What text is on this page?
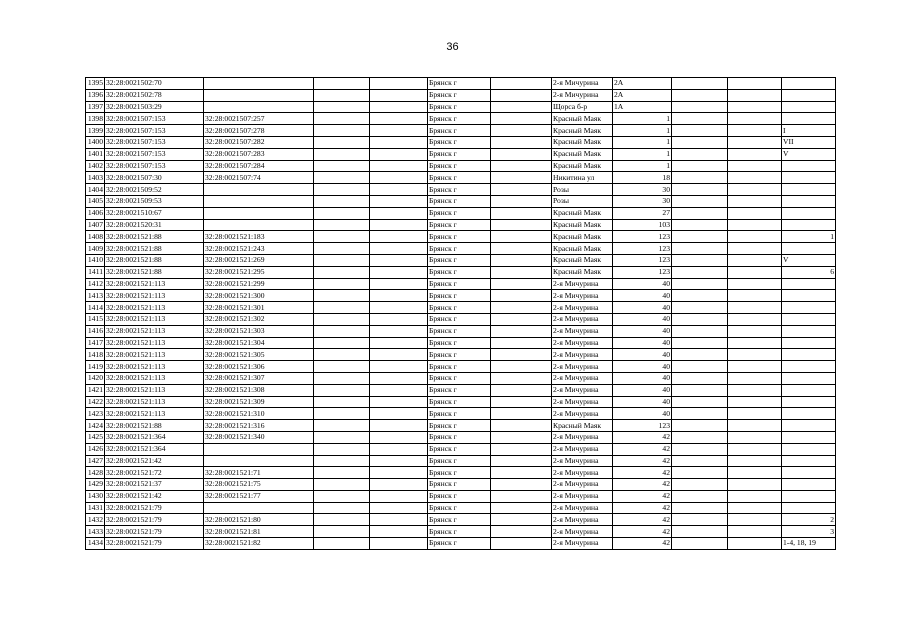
36
1395	32:28:0021502:70				Брянск г		2-я Мичурина	2А			
1396	32:28:0021502:78				Брянск г		2-я Мичурина	2А			
1397	32:28:0021503:29				Брянск г		Щорса б-р	1А			
1398	32:28:0021507:153	32:28:0021507:257			Брянск г		Красный Маяк	1			
1399	32:28:0021507:153	32:28:0021507:278			Брянск г		Красный Маяк	1			I
1400	32:28:0021507:153	32:28:0021507:282			Брянск г		Красный Маяк	1			VII
1401	32:28:0021507:153	32:28:0021507:283			Брянск г		Красный Маяк	1			V
1402	32:28:0021507:153	32:28:0021507:284			Брянск г		Красный Маяк	1			
1403	32:28:0021507:30	32:28:0021507:74			Брянск г		Никитина ул	18			
1404	32:28:0021509:52				Брянск г		Розы	30			
1405	32:28:0021509:53				Брянск г		Розы	30			
1406	32:28:0021510:67				Брянск г		Красный Маяк	27			
1407	32:28:0021520:31				Брянск г		Красный Маяк	103			
1408	32:28:0021521:88	32:28:0021521:183			Брянск г		Красный Маяк	123			1
1409	32:28:0021521:88	32:28:0021521:243			Брянск г		Красный Маяк	123			
1410	32:28:0021521:88	32:28:0021521:269			Брянск г		Красный Маяк	123			V
1411	32:28:0021521:88	32:28:0021521:295			Брянск г		Красный Маяк	123			6
1412	32:28:0021521:113	32:28:0021521:299			Брянск г		2-я Мичурина	40			
1413	32:28:0021521:113	32:28:0021521:300			Брянск г		2-я Мичурина	40			
1414	32:28:0021521:113	32:28:0021521:301			Брянск г		2-я Мичурина	40			
1415	32:28:0021521:113	32:28:0021521:302			Брянск г		2-я Мичурина	40			
1416	32:28:0021521:113	32:28:0021521:303			Брянск г		2-я Мичурина	40			
1417	32:28:0021521:113	32:28:0021521:304			Брянск г		2-я Мичурина	40			
1418	32:28:0021521:113	32:28:0021521:305			Брянск г		2-я Мичурина	40			
1419	32:28:0021521:113	32:28:0021521:306			Брянск г		2-я Мичурина	40			
1420	32:28:0021521:113	32:28:0021521:307			Брянск г		2-я Мичурина	40			
1421	32:28:0021521:113	32:28:0021521:308			Брянск г		2-я Мичурина	40			
1422	32:28:0021521:113	32:28:0021521:309			Брянск г		2-я Мичурина	40			
1423	32:28:0021521:113	32:28:0021521:310			Брянск г		2-я Мичурина	40			
1424	32:28:0021521:88	32:28:0021521:316			Брянск г		Красный Маяк	123			
1425	32:28:0021521:364	32:28:0021521:340			Брянск г		2-я Мичурина	42			
1426	32:28:0021521:364				Брянск г		2-я Мичурина	42			
1427	32:28:0021521:42				Брянск г		2-я Мичурина	42			
1428	32:28:0021521:72	32:28:0021521:71			Брянск г		2-я Мичурина	42			
1429	32:28:0021521:37	32:28:0021521:75			Брянск г		2-я Мичурина	42			
1430	32:28:0021521:42	32:28:0021521:77			Брянск г		2-я Мичурина	42			
1431	32:28:0021521:79				Брянск г		2-я Мичурина	42			
1432	32:28:0021521:79	32:28:0021521:80			Брянск г		2-я Мичурина	42			2
1433	32:28:0021521:79	32:28:0021521:81			Брянск г		2-я Мичурина	42			3
1434	32:28:0021521:79	32:28:0021521:82			Брянск г		2-я Мичурина	42			1-4, 18, 19
